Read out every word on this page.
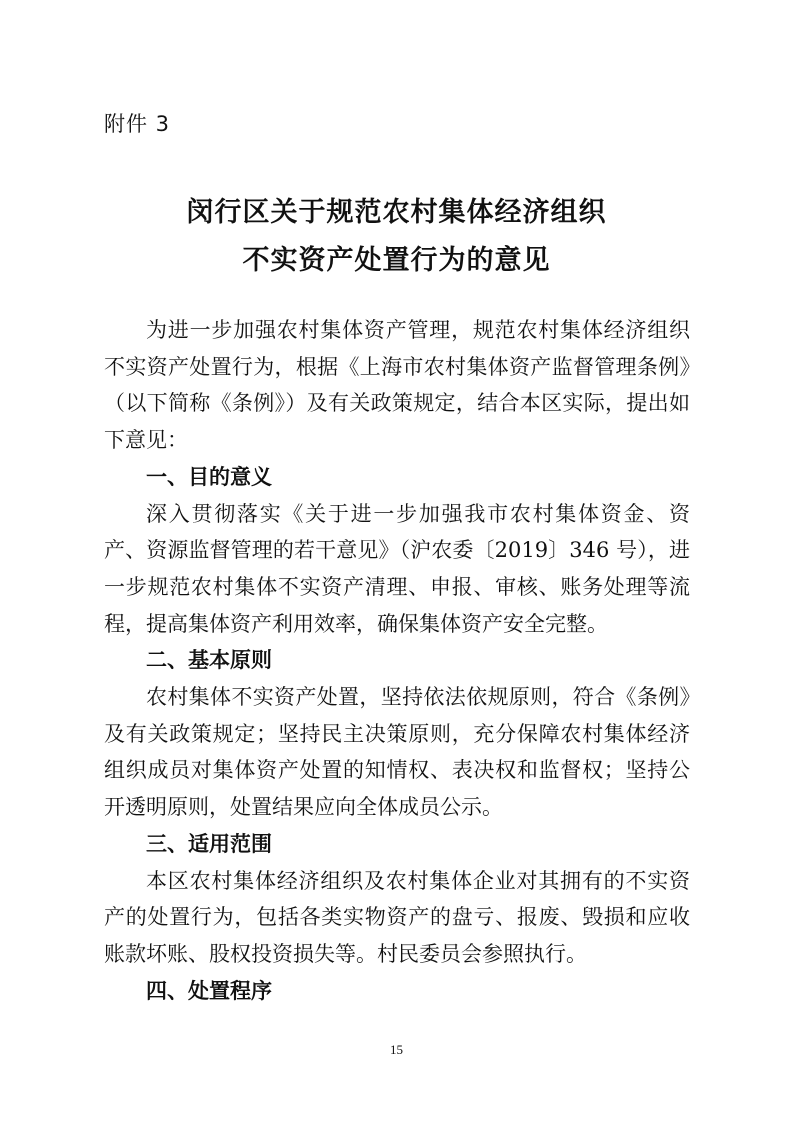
附件 3
闵行区关于规范农村集体经济组织
不实资产处置行为的意见

为进一步加强农村集体资产管理，规范农村集体经济组织不实资产处置行为，根据《上海市农村集体资产监督管理条例》（以下简称《条例》）及有关政策规定，结合本区实际，提出如下意见：

一、目的意义

深入贯彻落实《关于进一步加强我市农村集体资金、资产、资源监督管理的若干意见》（沪农委〔2019〕346 号），进一步规范农村集体不实资产清理、申报、审核、账务处理等流程，提高集体资产利用效率，确保集体资产安全完整。

二、基本原则

农村集体不实资产处置，坚持依法依规原则，符合《条例》及有关政策规定；坚持民主决策原则，充分保障农村集体经济组织成员对集体资产处置的知情权、表决权和监督权；坚持公开透明原则，处置结果应向全体成员公示。

三、适用范围

本区农村集体经济组织及农村集体企业对其拥有的不实资产的处置行为，包括各类实物资产的盘亏、报废、毁损和应收账款坏账、股权投资损失等。村民委员会参照执行。

四、处置程序
15
